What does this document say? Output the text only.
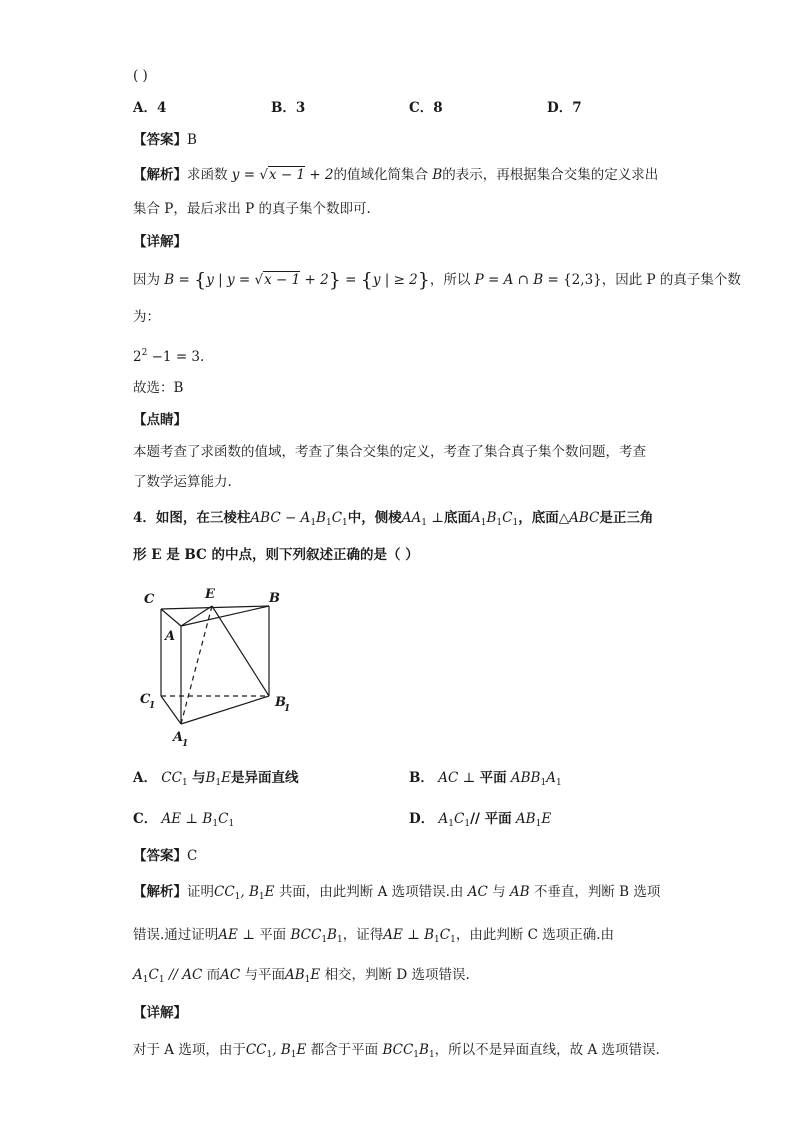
( )
A．4	B．3	C．8	D．7
【答案】B
【解析】求函数 y = √x − 1 + 2的值域化简集合 B的表示，再根据集合交集的定义求出
集合 P，最后求出 P 的真子集个数即可.
【详解】
因为 B = {y | y = √x − 1 + 2} = {y | ≥ 2}，所以 P = A ∩ B = {2,3}，因此 P 的真子集个数
为：
$2^2 -1 = 3$.
故选：B
【点睛】
本题考查了求函数的值域，考查了集合交集的定义，考查了集合真子集个数问题，考查
了数学运算能力.
4．如图，在三棱柱ABC − $A_1B_1C_1$中，侧棱$AA_1$ ⊥底面$A_1B_1C_1$，底面△ABC是正三角
形 E 是 BC 的中点，则下列叙述正确的是（ ）
C	E	B
A
C
1	B
1
A
1
A． $CC_1$ 与$B_1E$是异面直线	B． AC ⊥ 平面 $ABB_1A_1$
C． AE ⊥ $B_1C_1$	D． $A_1C_1//$ 平面 $AB_1E$
【答案】C
【解析】证明$CC_1$, $B_1E$ 共面，由此判断 A 选项错误.由 AC 与 AB 不垂直，判断 B 选项
错误.通过证明AE ⊥ 平面 $BCC_1B_1$，证得AE ⊥ $B_1C_1$，由此判断 C 选项正确.由
$A_1C_1$ // AC 而AC 与平面$AB_1E$ 相交，判断 D 选项错误.
【详解】
对于 A 选项，由于$CC_1$, $B_1E$ 都含于平面 $BCC_1B_1$，所以不是异面直线，故 A 选项错误.
